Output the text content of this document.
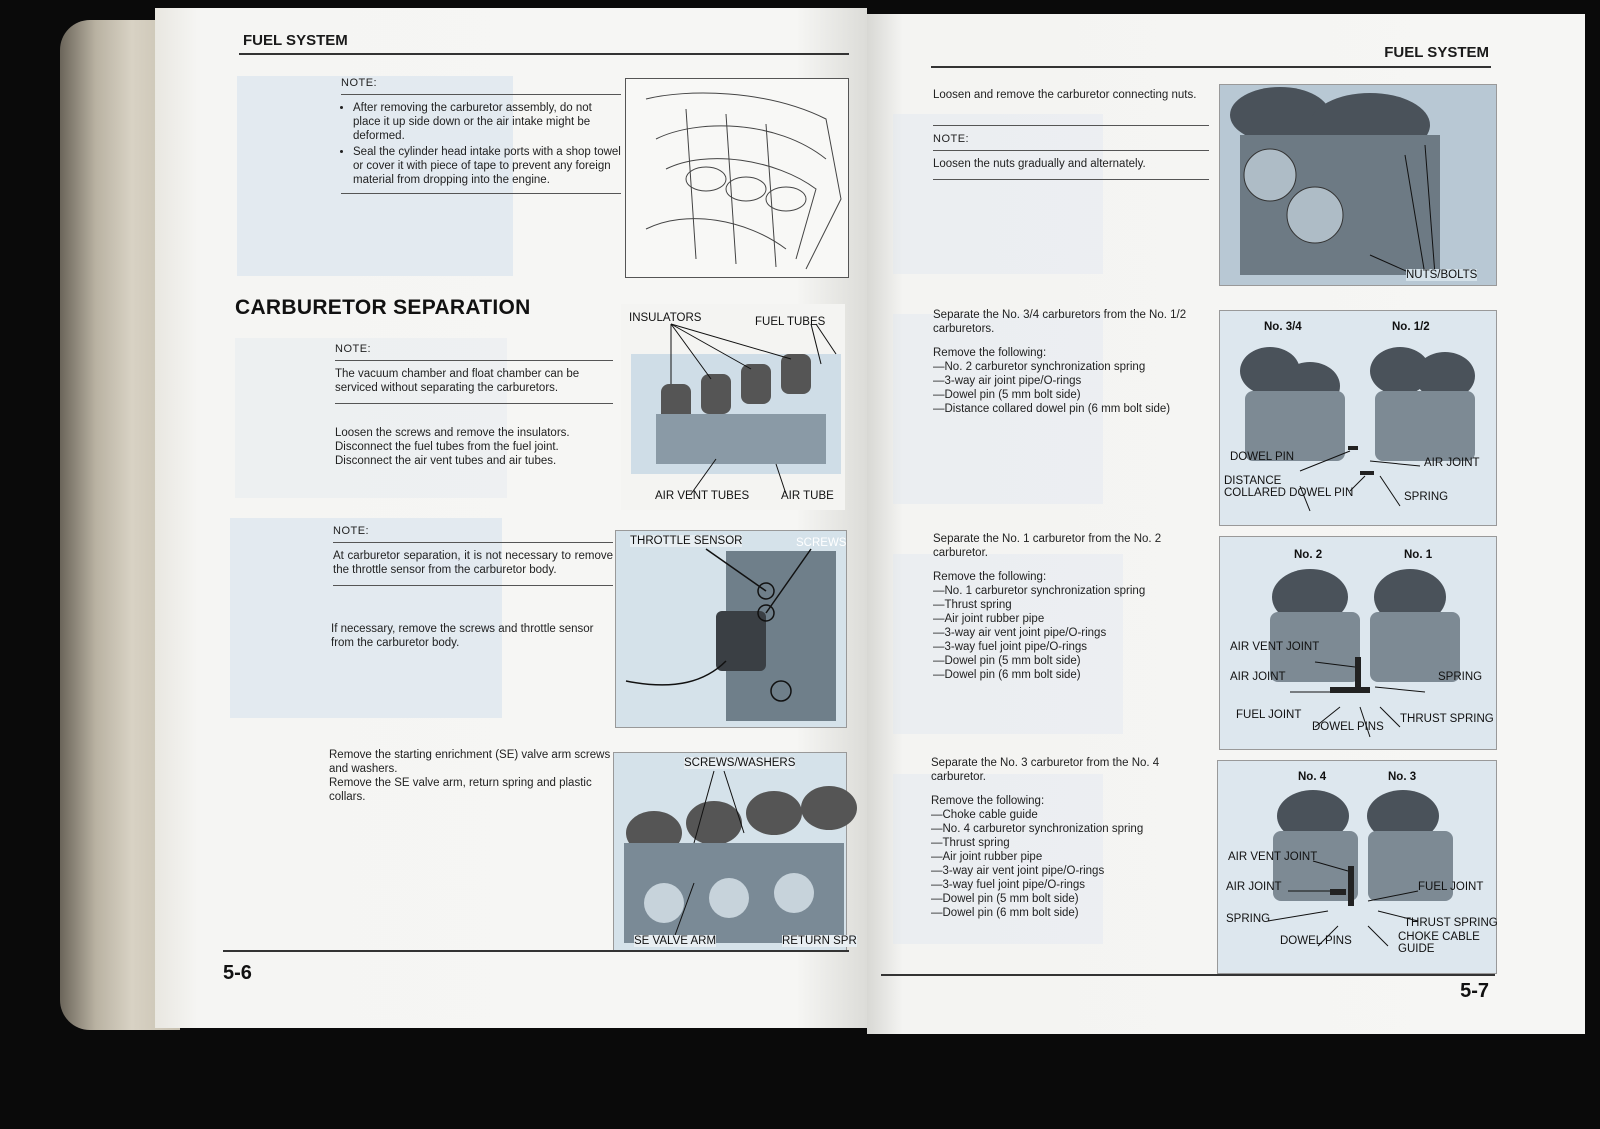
FUEL SYSTEM
NOTE:
• After removing the carburetor assembly, do not place it up side down or the air intake might be deformed.
• Seal the cylinder head intake ports with a shop towel or cover it with piece of tape to prevent any foreign material from dropping into the engine.
CARBURETOR SEPARATION
NOTE:

The vacuum chamber and float chamber can be serviced without separating the carburetors.

Loosen the screws and remove the insulators.
Disconnect the fuel tubes from the fuel joint.
Disconnect the air vent tubes and air tubes.
INSULATORS	FUEL TUBES
AIR VENT TUBES	AIR TUBE
NOTE:

At carburetor separation, it is not necessary to remove the throttle sensor from the carburetor body.

If necessary, remove the screws and throttle sensor from the carburetor body.
THROTTLE SENSOR	SCREWS
Remove the starting enrichment (SE) valve arm screws and washers.
Remove the SE valve arm, return spring and plastic collars.
SCREWS/WASHERS
SE VALVE ARM	RETURN SPR
5-6
FUEL SYSTEM
Loosen and remove the carburetor connecting nuts.
NOTE:

Loosen the nuts gradually and alternately.

NUTS/BOLTS

Separate the No. 3/4 carburetors from the No. 1/2 carburetors.

Remove the following:
— No. 2 carburetor synchronization spring
— 3-way air joint pipe/O-rings
— Dowel pin (5 mm bolt side)
— Distance collared dowel pin (6 mm bolt side)
No. 3/4	No. 1/2
DOWEL PIN	AIR JOINT
DISTANCE
COLLARED DOWEL PIN	SPRING

Separate the No. 1 carburetor from the No. 2 carburetor.

Remove the following:
— No. 1 carburetor synchronization spring
— Thrust spring
— Air joint rubber pipe
— 3-way air vent joint pipe/O-rings
— 3-way fuel joint pipe/O-rings
— Dowel pin (5 mm bolt side)
— Dowel pin (6 mm bolt side)
No. 2	No. 1
AIR VENT JOINT
AIR JOINT	SPRING
FUEL JOINT
DOWEL PINS
THRUST SPRING

Separate the No. 3 carburetor from the No. 4 carburetor.

Remove the following:
— Choke cable guide
— No. 4 carburetor synchronization spring
— Thrust spring
— Air joint rubber pipe
— 3-way air vent joint pipe/O-rings
— 3-way fuel joint pipe/O-rings
— Dowel pin (5 mm bolt side)
— Dowel pin (6 mm bolt side)
No. 4	No. 3
AIR VENT JOINT
AIR JOINT	FUEL JOINT
SPRING	THRUST SPRING
DOWEL PINS	CHOKE CABLE
GUIDE
5-7
